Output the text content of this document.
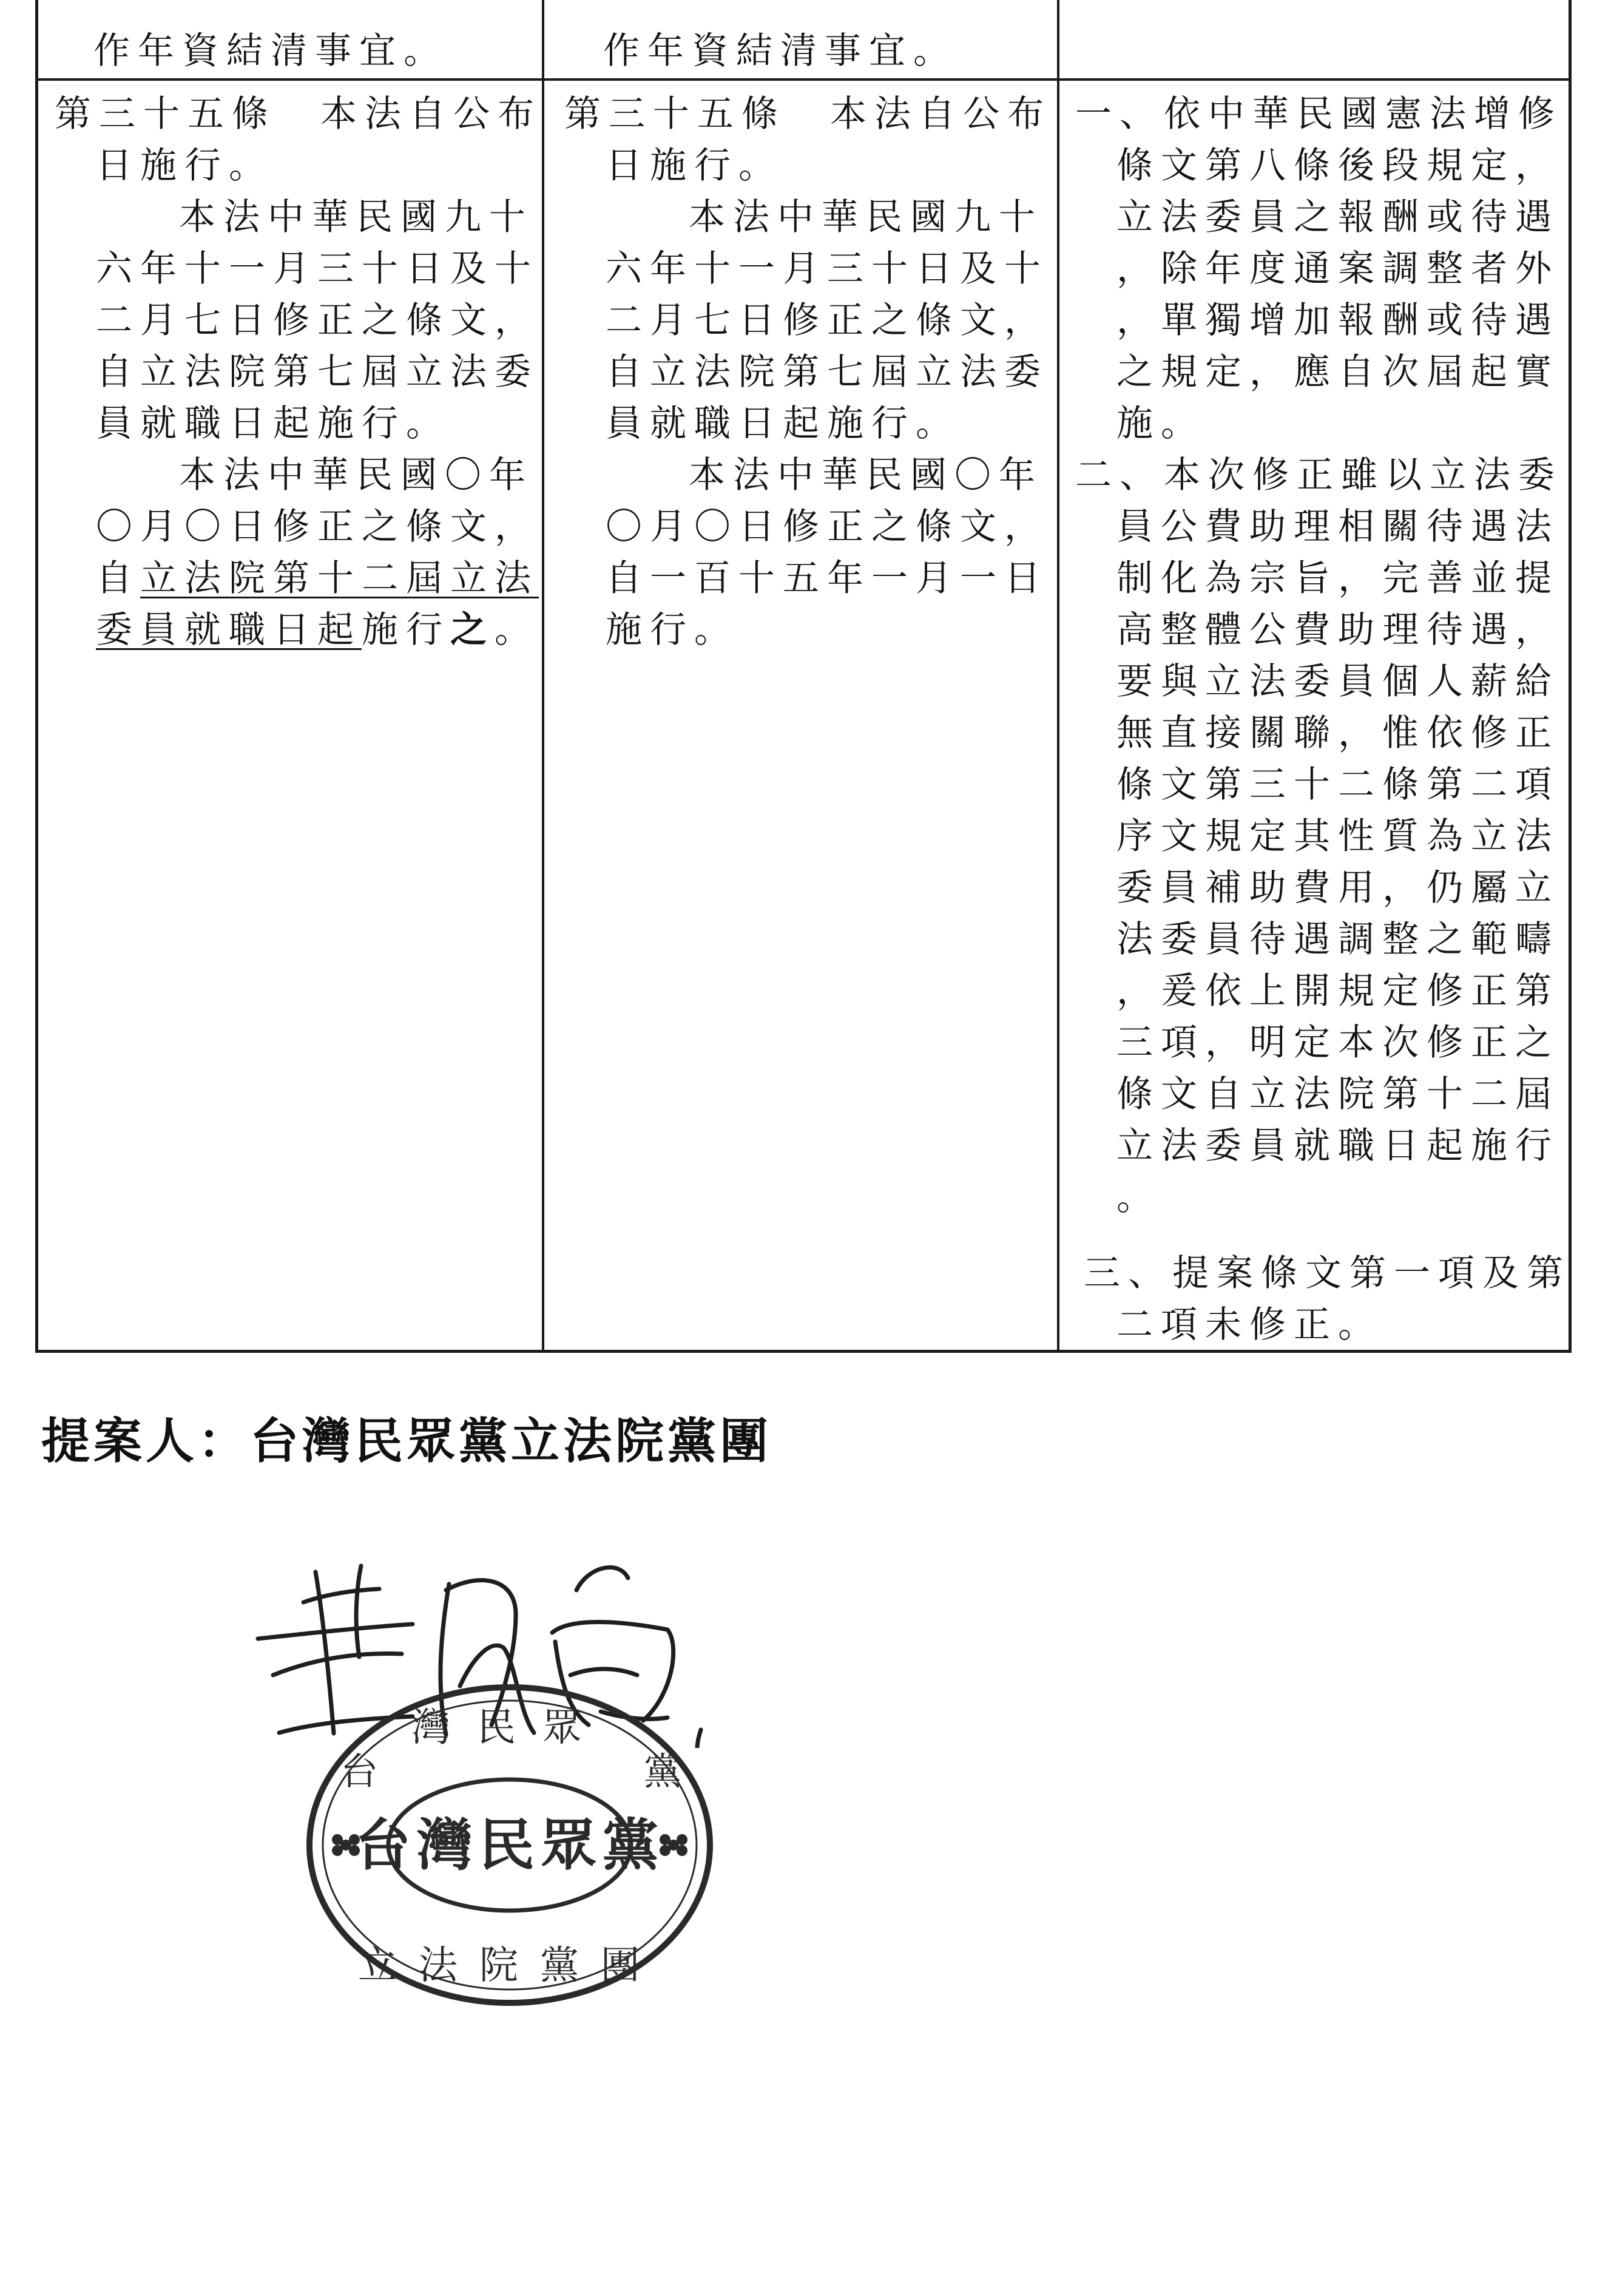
作年資結清事宜。	作年資結清事宜。
第三十五條　本法自公布
日施行。
本法中華民國九十
六年十一月三十日及十
二月七日修正之條文，
自立法院第七屆立法委
員就職日起施行。
本法中華民國〇年
〇月〇日修正之條文，
自立法院第十二屆立法
委員就職日起施行之。
第三十五條　本法自公布
日施行。
本法中華民國九十
六年十一月三十日及十
二月七日修正之條文，
自立法院第七屆立法委
員就職日起施行。
本法中華民國〇年
〇月〇日修正之條文，
自一百十五年一月一日
施行。
一、依中華民國憲法增修
條文第八條後段規定，
立法委員之報酬或待遇
，除年度通案調整者外
，單獨增加報酬或待遇
之規定，應自次屆起實
施。
二、本次修正雖以立法委
員公費助理相關待遇法
制化為宗旨，完善並提
高整體公費助理待遇，
要與立法委員個人薪給
無直接關聯，惟依修正
條文第三十二條第二項
序文規定其性質為立法
委員補助費用，仍屬立
法委員待遇調整之範疇
，爰依上開規定修正第
三項，明定本次修正之
條文自立法院第十二屆
立法委員就職日起施行
。
三、提案條文第一項及第
二項未修正。
提案人：台灣民眾黨立法院黨團
台灣民眾黨
灣民眾
台	黨
立法院黨團
